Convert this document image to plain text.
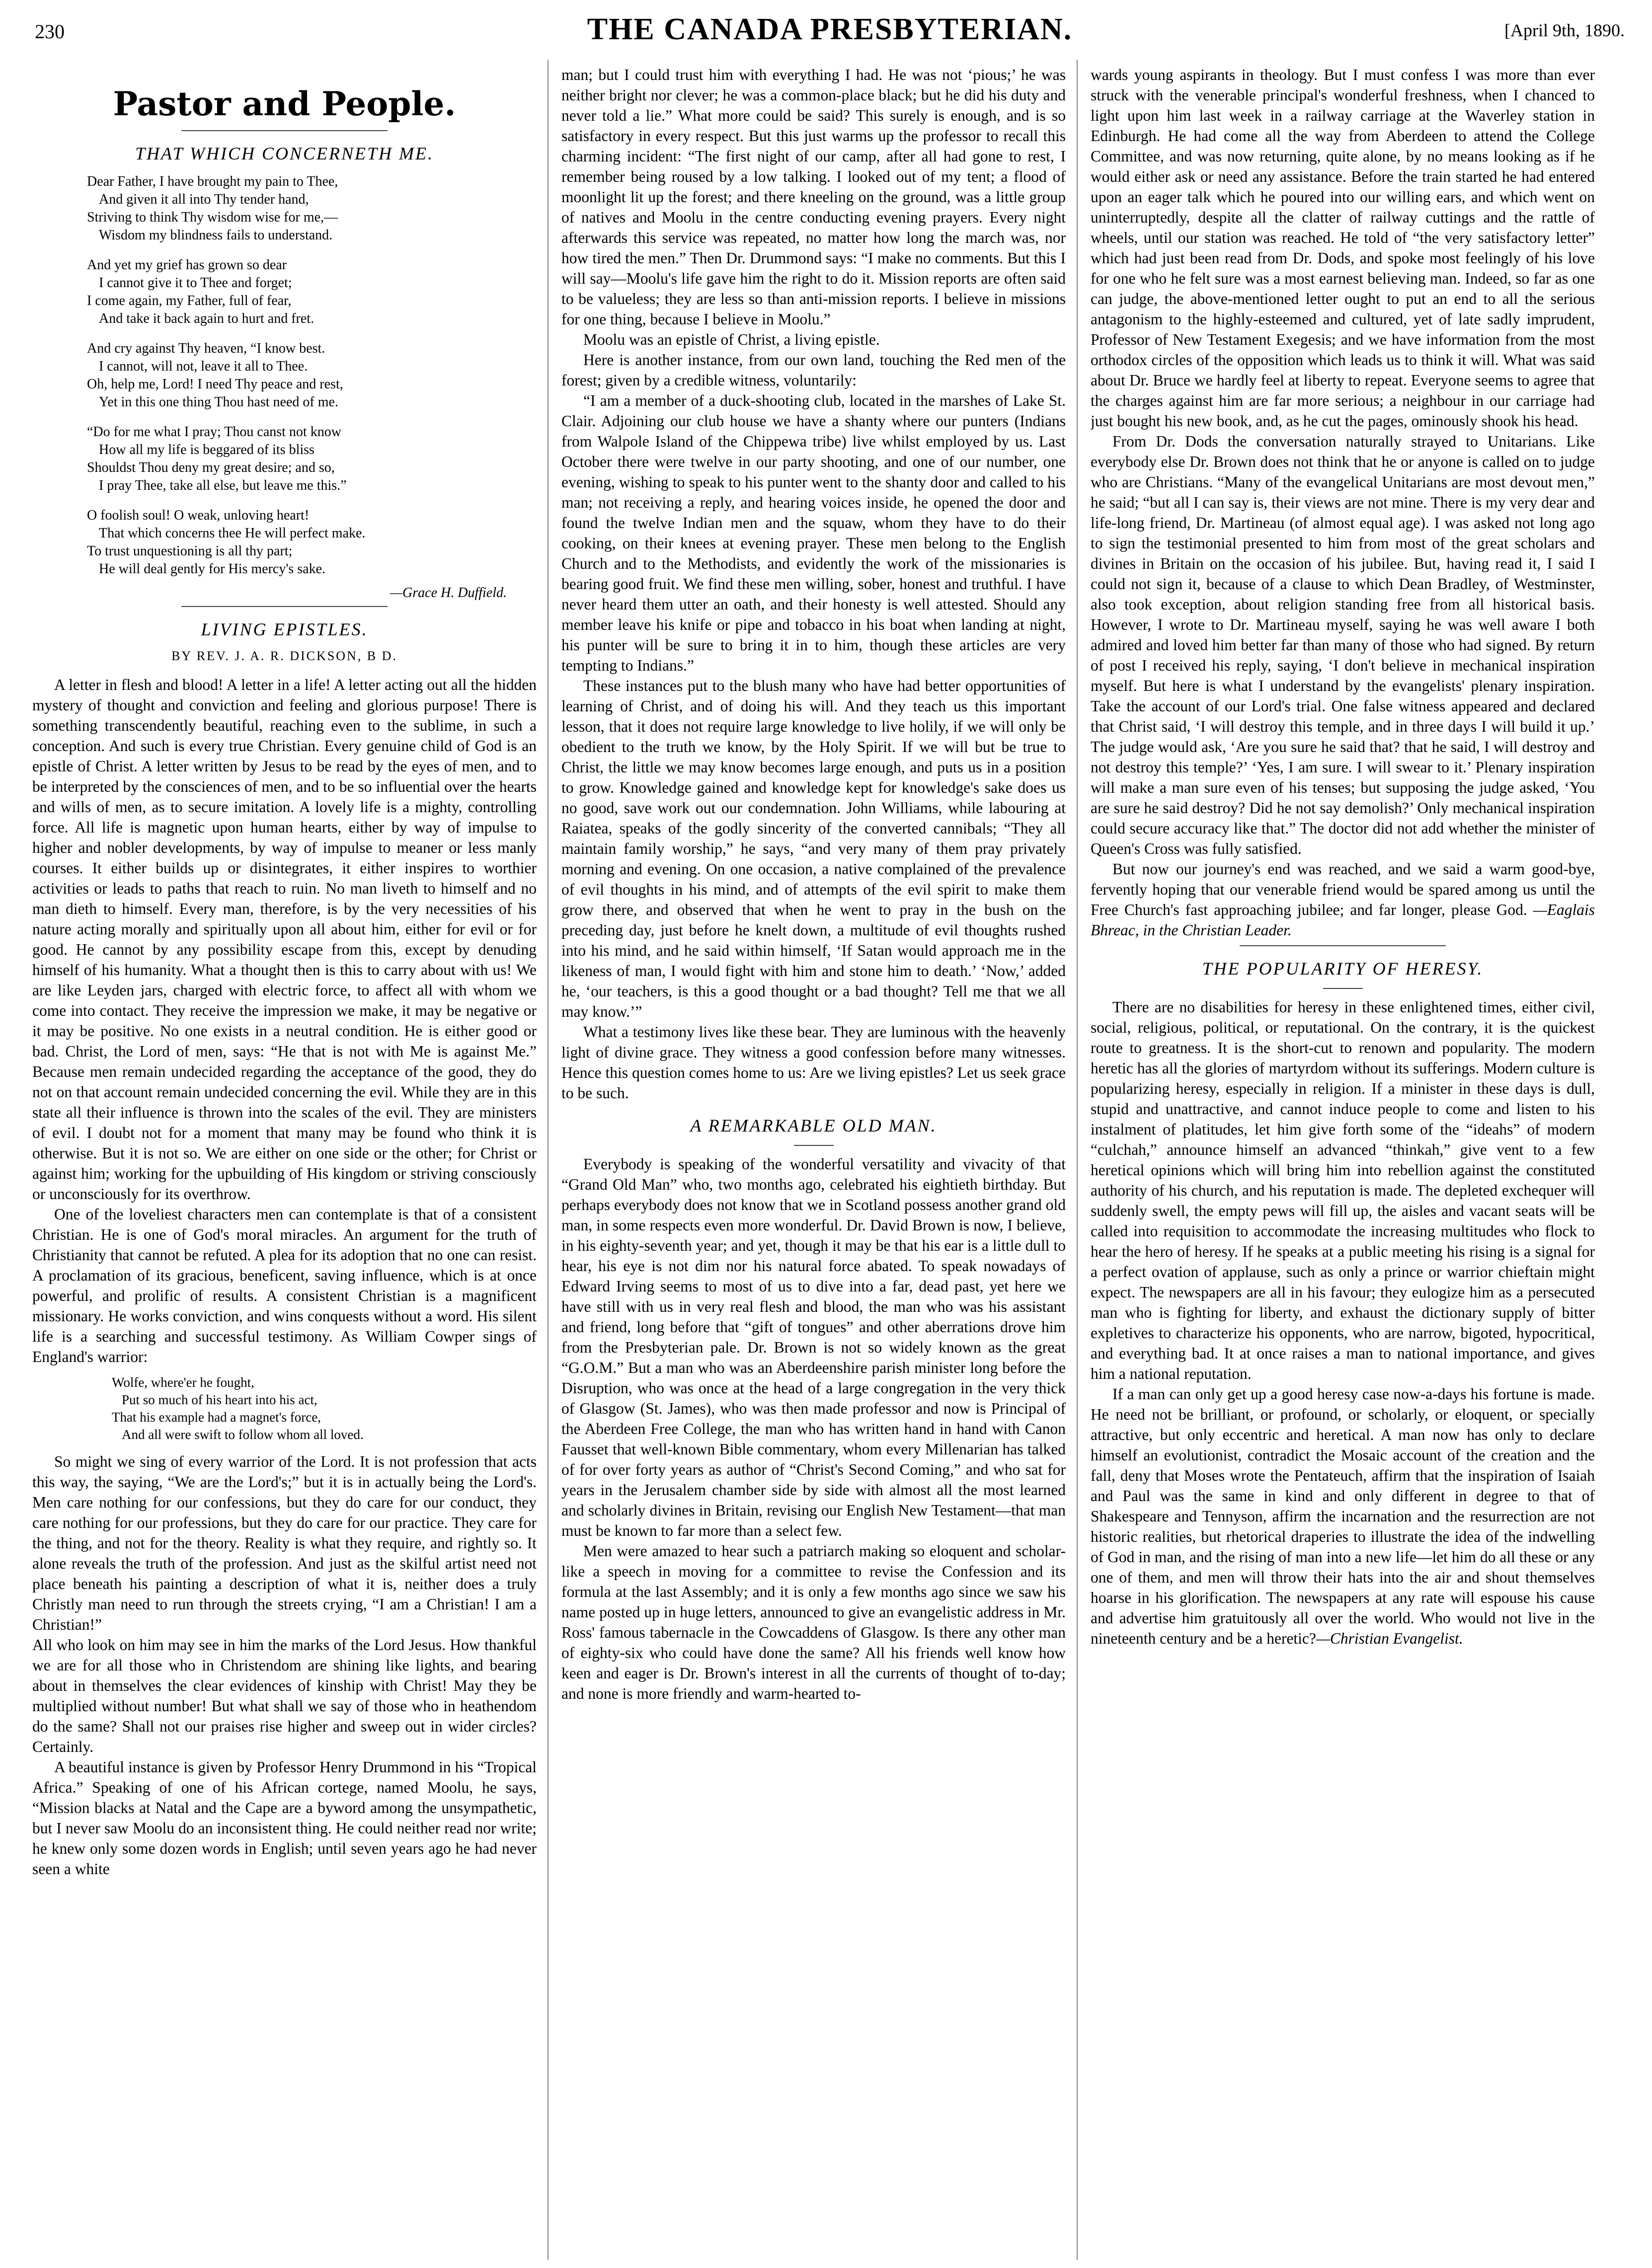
230	THE CANADA PRESBYTERIAN.	[April 9th, 1890.
Pastor and People.
THAT WHICH CONCERNETH ME.
Dear Father, I have brought my pain to Thee,
And given it all into Thy tender hand,
Striving to think Thy wisdom wise for me,—
Wisdom my blindness fails to understand.
And yet my grief has grown so dear
I cannot give it to Thee and forget;
I come again, my Father, full of fear,
And take it back again to hurt and fret.
And cry against Thy heaven, “I know best.
I cannot, will not, leave it all to Thee.
Oh, help me, Lord! I need Thy peace and rest,
Yet in this one thing Thou hast need of me.
“Do for me what I pray; Thou canst not know
How all my life is beggared of its bliss
Shouldst Thou deny my great desire; and so,
I pray Thee, take all else, but leave me this.”
O foolish soul! O weak, unloving heart!
That which concerns thee He will perfect make.
To trust unquestioning is all thy part;
He will deal gently for His mercy's sake.
—Grace H. Duffield.
LIVING EPISTLES.
BY REV. J. A. R. DICKSON, B D.

A letter in flesh and blood! A letter in a life! A letter acting out all the hidden mystery of thought and conviction and feeling and glorious purpose! There is something transcendently beautiful, reaching even to the sublime, in such a conception. And such is every true Christian. Every genuine child of God is an epistle of Christ. A letter written by Jesus to be read by the eyes of men, and to be interpreted by the consciences of men, and to be so influential over the hearts and wills of men, as to secure imitation. A lovely life is a mighty, controlling force. All life is magnetic upon human hearts, either by way of impulse to higher and nobler developments, by way of impulse to meaner or less manly courses. It either builds up or disintegrates, it either inspires to worthier activities or leads to paths that reach to ruin. No man liveth to himself and no man dieth to himself. Every man, therefore, is by the very necessities of his nature acting morally and spiritually upon all about him, either for evil or for good. He cannot by any possibility escape from this, except by denuding himself of his humanity. What a thought then is this to carry about with us! We are like Leyden jars, charged with electric force, to affect all with whom we come into contact. They receive the impression we make, it may be negative or it may be positive. No one exists in a neutral condition. He is either good or bad. Christ, the Lord of men, says: “He that is not with Me is against Me.” Because men remain undecided regarding the acceptance of the good, they do not on that account remain undecided concerning the evil. While they are in this state all their influence is thrown into the scales of the evil. They are ministers of evil. I doubt not for a moment that many may be found who think it is otherwise. But it is not so. We are either on one side or the other; for Christ or against him; working for the upbuilding of His kingdom or striving consciously or unconsciously for its overthrow.

One of the loveliest characters men can contemplate is that of a consistent Christian. He is one of God's moral miracles. An argument for the truth of Christianity that cannot be refuted. A plea for its adoption that no one can resist. A proclamation of its gracious, beneficent, saving influence, which is at once powerful, and prolific of results. A consistent Christian is a magnificent missionary. He works conviction, and wins conquests without a word. His silent life is a searching and successful testimony. As William Cowper sings of England's warrior:

Wolfe, where'er he fought,
Put so much of his heart into his act,
That his example had a magnet's force,
And all were swift to follow whom all loved.

So might we sing of every warrior of the Lord. It is not profession that acts this way, the saying, “We are the Lord's;” but it is in actually being the Lord's. Men care nothing for our confessions, but they do care for our conduct, they care nothing for our professions, but they do care for our practice. They care for the thing, and not for the theory. Reality is what they require, and rightly so. It alone reveals the truth of the profession. And just as the skilful artist need not place beneath his painting a description of what it is, neither does a truly Christly man need to run through the streets crying, “I am a Christian! I am a Christian!”

All who look on him may see in him the marks of the Lord Jesus. How thankful we are for all those who in Christendom are shining like lights, and bearing about in themselves the clear evidences of kinship with Christ! May they be multiplied without number! But what shall we say of those who in heathendom do the same? Shall not our praises rise higher and sweep out in wider circles? Certainly.

A beautiful instance is given by Professor Henry Drummond in his “Tropical Africa.” Speaking of one of his African cortege, named Moolu, he says, “Mission blacks at Natal and the Cape are a byword among the unsympathetic, but I never saw Moolu do an inconsistent thing. He could neither read nor write; he knew only some dozen words in English; until seven years ago he had never seen a white

man; but I could trust him with everything I had. He was not ‘pious;’ he was neither bright nor clever; he was a common-place black; but he did his duty and never told a lie.” What more could be said? This surely is enough, and is so satisfactory in every respect. But this just warms up the professor to recall this charming incident: “The first night of our camp, after all had gone to rest, I remember being roused by a low talking. I looked out of my tent; a flood of moonlight lit up the forest; and there kneeling on the ground, was a little group of natives and Moolu in the centre conducting evening prayers. Every night afterwards this service was repeated, no matter how long the march was, nor how tired the men.” Then Dr. Drummond says: “I make no comments. But this I will say—Moolu's life gave him the right to do it. Mission reports are often said to be valueless; they are less so than anti-mission reports. I believe in missions for one thing, because I believe in Moolu.”

Moolu was an epistle of Christ, a living epistle.

Here is another instance, from our own land, touching the Red men of the forest; given by a credible witness, voluntarily:

“I am a member of a duck-shooting club, located in the marshes of Lake St. Clair. Adjoining our club house we have a shanty where our punters (Indians from Walpole Island of the Chippewa tribe) live whilst employed by us. Last October there were twelve in our party shooting, and one of our number, one evening, wishing to speak to his punter went to the shanty door and called to his man; not receiving a reply, and hearing voices inside, he opened the door and found the twelve Indian men and the squaw, whom they have to do their cooking, on their knees at evening prayer. These men belong to the English Church and to the Methodists, and evidently the work of the missionaries is bearing good fruit. We find these men willing, sober, honest and truthful. I have never heard them utter an oath, and their honesty is well attested. Should any member leave his knife or pipe and tobacco in his boat when landing at night, his punter will be sure to bring it in to him, though these articles are very tempting to Indians.”

These instances put to the blush many who have had better opportunities of learning of Christ, and of doing his will. And they teach us this important lesson, that it does not require large knowledge to live holily, if we will only be obedient to the truth we know, by the Holy Spirit. If we will but be true to Christ, the little we may know becomes large enough, and puts us in a position to grow. Knowledge gained and knowledge kept for knowledge's sake does us no good, save work out our condemnation. John Williams, while labouring at Raiatea, speaks of the godly sincerity of the converted cannibals; “They all maintain family worship,” he says, “and very many of them pray privately morning and evening. On one occasion, a native complained of the prevalence of evil thoughts in his mind, and of attempts of the evil spirit to make them grow there, and observed that when he went to pray in the bush on the preceding day, just before he knelt down, a multitude of evil thoughts rushed into his mind, and he said within himself, ‘If Satan would approach me in the likeness of man, I would fight with him and stone him to death.’ ‘Now,’ added he, ‘our teachers, is this a good thought or a bad thought? Tell me that we all may know.’”

What a testimony lives like these bear. They are luminous with the heavenly light of divine grace. They witness a good confession before many witnesses. Hence this question comes home to us: Are we living epistles? Let us seek grace to be such.

A REMARKABLE OLD MAN.

Everybody is speaking of the wonderful versatility and vivacity of that “Grand Old Man” who, two months ago, celebrated his eightieth birthday. But perhaps everybody does not know that we in Scotland possess another grand old man, in some respects even more wonderful. Dr. David Brown is now, I believe, in his eighty-seventh year; and yet, though it may be that his ear is a little dull to hear, his eye is not dim nor his natural force abated. To speak nowadays of Edward Irving seems to most of us to dive into a far, dead past, yet here we have still with us in very real flesh and blood, the man who was his assistant and friend, long before that “gift of tongues” and other aberrations drove him from the Presbyterian pale. Dr. Brown is not so widely known as the great “G.O.M.” But a man who was an Aberdeenshire parish minister long before the Disruption, who was once at the head of a large congregation in the very thick of Glasgow (St. James), who was then made professor and now is Principal of the Aberdeen Free College, the man who has written hand in hand with Canon Fausset that well-known Bible commentary, whom every Millenarian has talked of for over forty years as author of “Christ's Second Coming,” and who sat for years in the Jerusalem chamber side by side with almost all the most learned and scholarly divines in Britain, revising our English New Testament—that man must be known to far more than a select few.

Men were amazed to hear such a patriarch making so eloquent and scholar-like a speech in moving for a committee to revise the Confession and its formula at the last Assembly; and it is only a few months ago since we saw his name posted up in huge letters, announced to give an evangelistic address in Mr. Ross' famous tabernacle in the Cowcaddens of Glasgow. Is there any other man of eighty-six who could have done the same? All his friends well know how keen and eager is Dr. Brown's interest in all the currents of thought of to-day; and none is more friendly and warm-hearted to-

wards young aspirants in theology. But I must confess I was more than ever struck with the venerable principal's wonderful freshness, when I chanced to light upon him last week in a railway carriage at the Waverley station in Edinburgh. He had come all the way from Aberdeen to attend the College Committee, and was now returning, quite alone, by no means looking as if he would either ask or need any assistance. Before the train started he had entered upon an eager talk which he poured into our willing ears, and which went on uninterruptedly, despite all the clatter of railway cuttings and the rattle of wheels, until our station was reached. He told of “the very satisfactory letter” which had just been read from Dr. Dods, and spoke most feelingly of his love for one who he felt sure was a most earnest believing man. Indeed, so far as one can judge, the above-mentioned letter ought to put an end to all the serious antagonism to the highly-esteemed and cultured, yet of late sadly imprudent, Professor of New Testament Exegesis; and we have information from the most orthodox circles of the opposition which leads us to think it will. What was said about Dr. Bruce we hardly feel at liberty to repeat. Everyone seems to agree that the charges against him are far more serious; a neighbour in our carriage had just bought his new book, and, as he cut the pages, ominously shook his head.

From Dr. Dods the conversation naturally strayed to Unitarians. Like everybody else Dr. Brown does not think that he or anyone is called on to judge who are Christians. “Many of the evangelical Unitarians are most devout men,” he said; “but all I can say is, their views are not mine. There is my very dear and life-long friend, Dr. Martineau (of almost equal age). I was asked not long ago to sign the testimonial presented to him from most of the great scholars and divines in Britain on the occasion of his jubilee. But, having read it, I said I could not sign it, because of a clause to which Dean Bradley, of Westminster, also took exception, about religion standing free from all historical basis. However, I wrote to Dr. Martineau myself, saying he was well aware I both admired and loved him better far than many of those who had signed. By return of post I received his reply, saying, ‘I don't believe in mechanical inspiration myself. But here is what I understand by the evangelists' plenary inspiration. Take the account of our Lord's trial. One false witness appeared and declared that Christ said, ‘I will destroy this temple, and in three days I will build it up.’ The judge would ask, ‘Are you sure he said that? that he said, I will destroy and not destroy this temple?’ ‘Yes, I am sure. I will swear to it.’ Plenary inspiration will make a man sure even of his tenses; but supposing the judge asked, ‘You are sure he said destroy? Did he not say demolish?’ Only mechanical inspiration could secure accuracy like that.” The doctor did not add whether the minister of Queen's Cross was fully satisfied.

But now our journey's end was reached, and we said a warm good-bye, fervently hoping that our venerable friend would be spared among us until the Free Church's fast approaching jubilee; and far longer, please God. —Eaglais Bhreac, in the Christian Leader.

THE POPULARITY OF HERESY.

There are no disabilities for heresy in these enlightened times, either civil, social, religious, political, or reputational. On the contrary, it is the quickest route to greatness. It is the short-cut to renown and popularity. The modern heretic has all the glories of martyrdom without its sufferings. Modern culture is popularizing heresy, especially in religion. If a minister in these days is dull, stupid and unattractive, and cannot induce people to come and listen to his instalment of platitudes, let him give forth some of the “ideahs” of modern “culchah,” announce himself an advanced “thinkah,” give vent to a few heretical opinions which will bring him into rebellion against the constituted authority of his church, and his reputation is made. The depleted exchequer will suddenly swell, the empty pews will fill up, the aisles and vacant seats will be called into requisition to accommodate the increasing multitudes who flock to hear the hero of heresy. If he speaks at a public meeting his rising is a signal for a perfect ovation of applause, such as only a prince or warrior chieftain might expect. The newspapers are all in his favour; they eulogize him as a persecuted man who is fighting for liberty, and exhaust the dictionary supply of bitter expletives to characterize his opponents, who are narrow, bigoted, hypocritical, and everything bad. It at once raises a man to national importance, and gives him a national reputation.

If a man can only get up a good heresy case now-a-days his fortune is made. He need not be brilliant, or profound, or scholarly, or eloquent, or specially attractive, but only eccentric and heretical. A man now has only to declare himself an evolutionist, contradict the Mosaic account of the creation and the fall, deny that Moses wrote the Pentateuch, affirm that the inspiration of Isaiah and Paul was the same in kind and only different in degree to that of Shakespeare and Tennyson, affirm the incarnation and the resurrection are not historic realities, but rhetorical draperies to illustrate the idea of the indwelling of God in man, and the rising of man into a new life—let him do all these or any one of them, and men will throw their hats into the air and shout themselves hoarse in his glorification. The newspapers at any rate will espouse his cause and advertise him gratuitously all over the world. Who would not live in the nineteenth century and be a heretic?—Christian Evangelist.
